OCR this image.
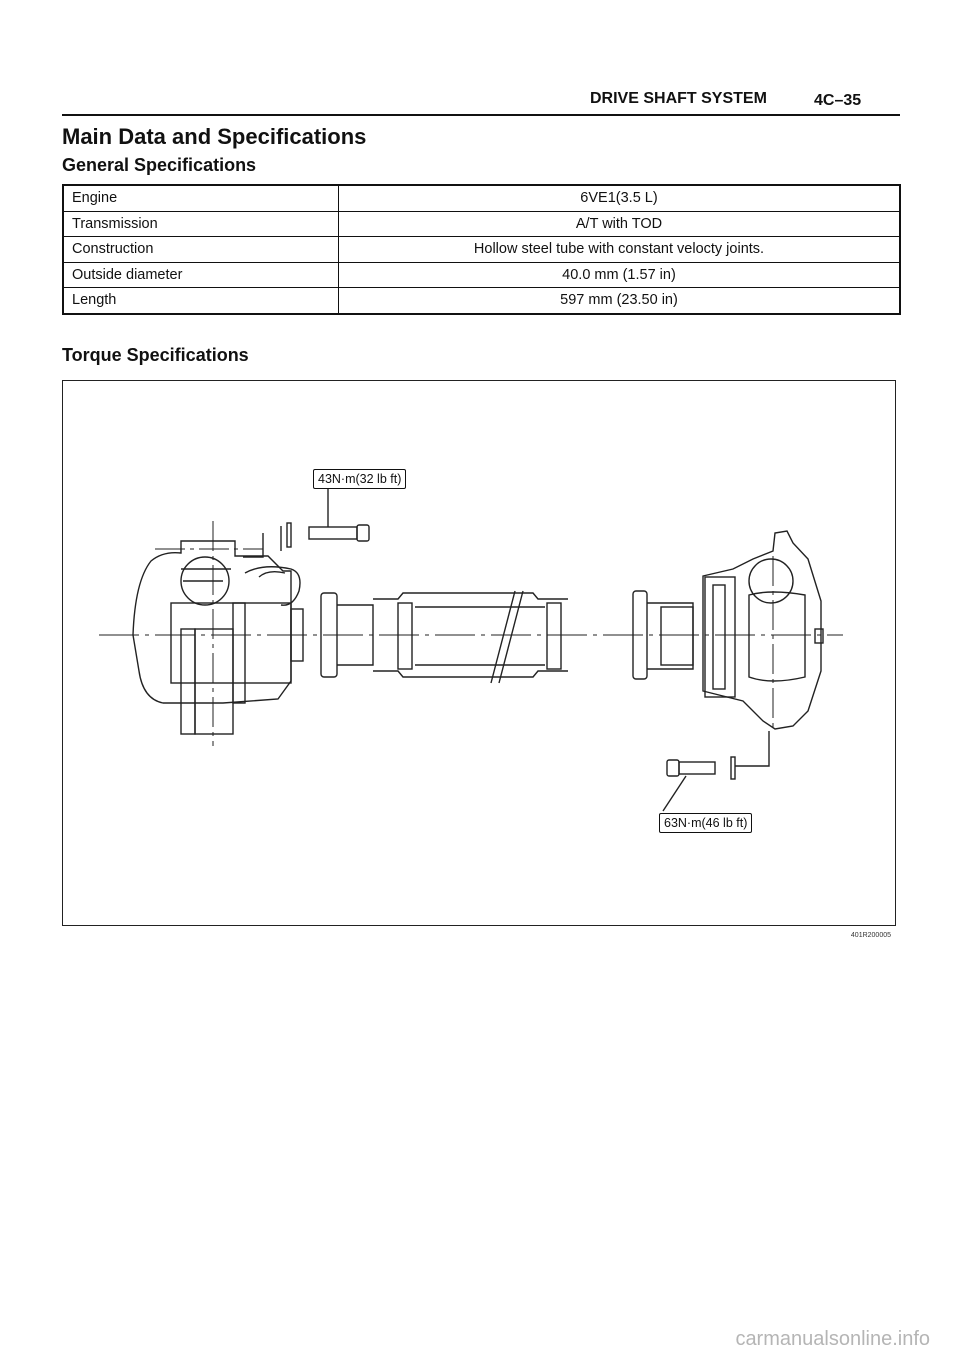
DRIVE SHAFT SYSTEM	4C–35
Main Data and Specifications
General Specifications
Engine	6VE1(3.5 L)
Transmission	A/T with TOD
Construction	Hollow steel tube with constant velocty joints.
Outside diameter	40.0 mm (1.57 in)
Length	597 mm (23.50 in)
Torque Specifications
43N·m(32 lb ft)
63N·m(46 lb ft)
401R200005
carmanualsonline.info
